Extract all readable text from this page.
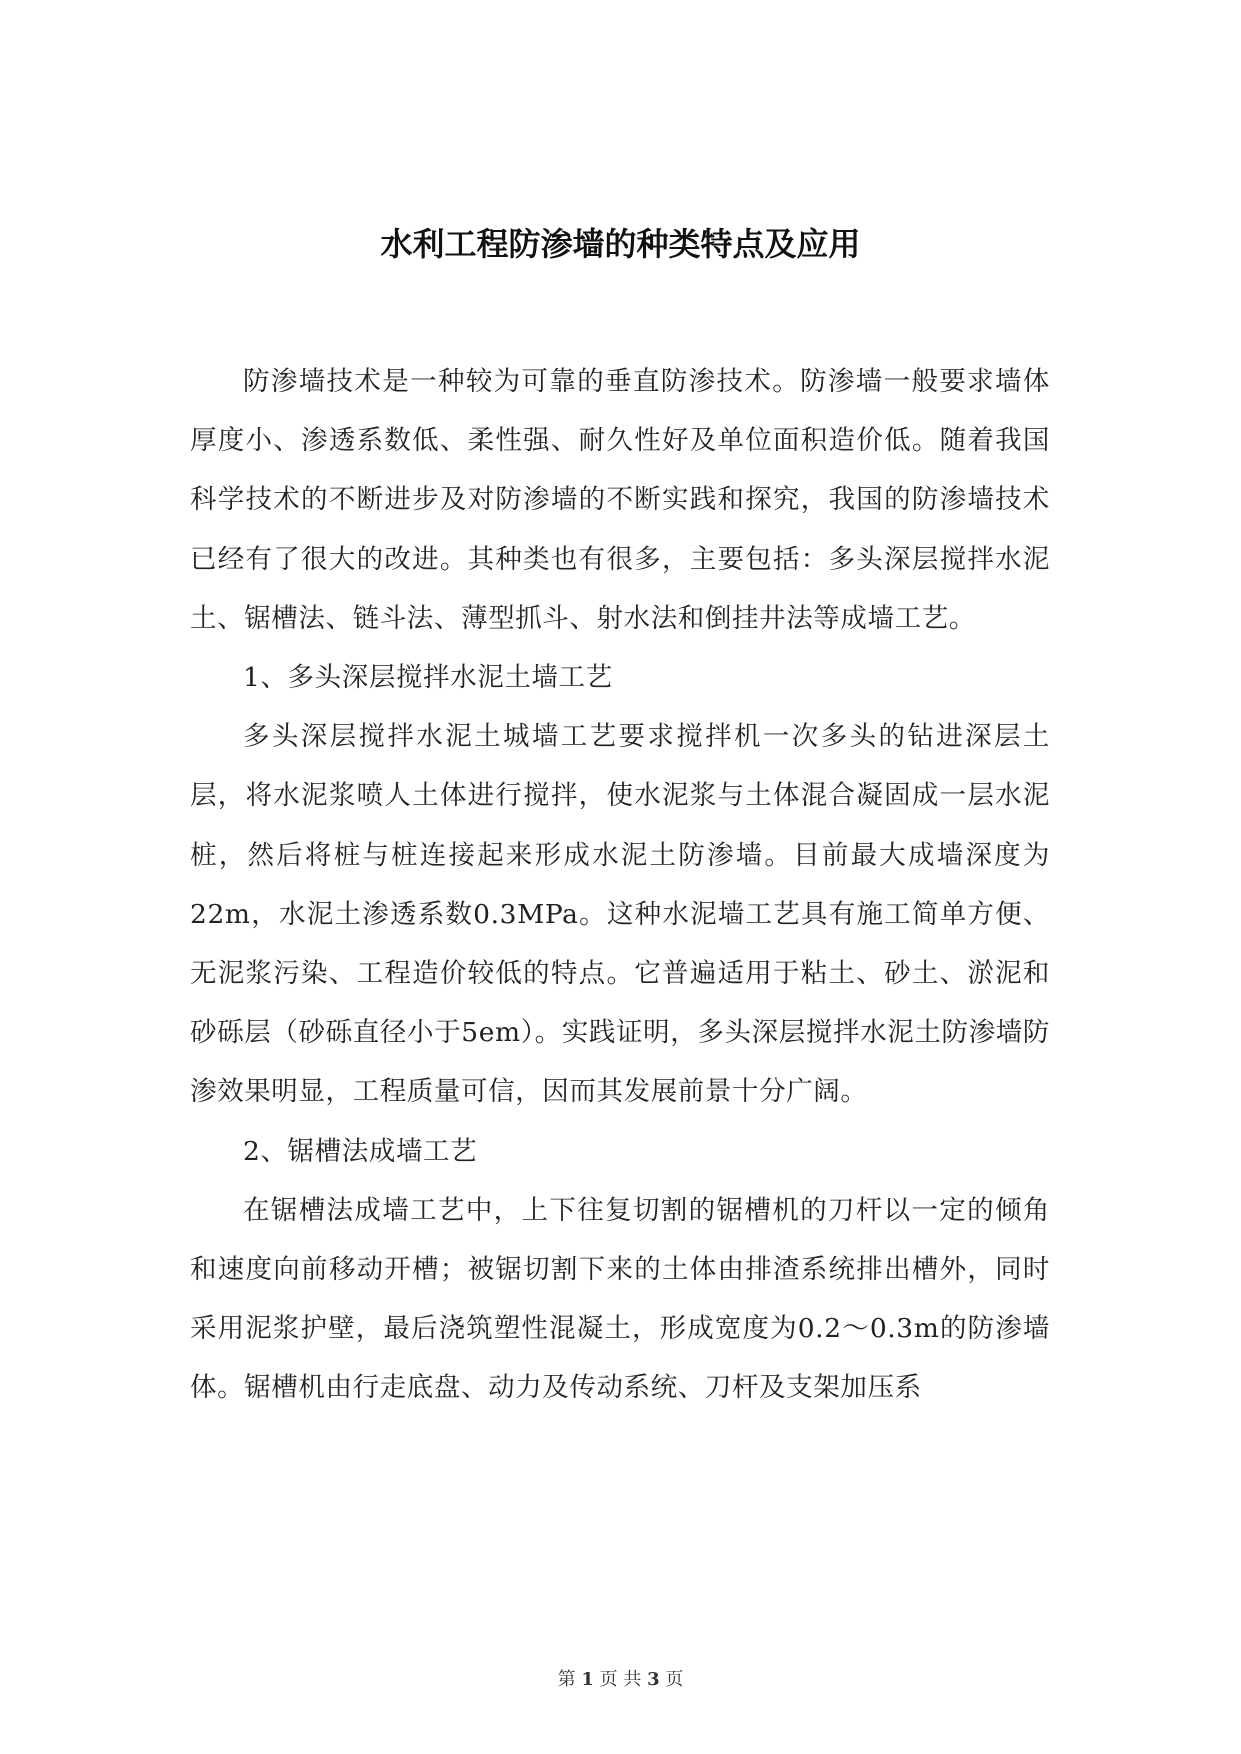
水利工程防渗墙的种类特点及应用

防渗墙技术是一种较为可靠的垂直防渗技术。防渗墙一般要求墙体厚度小、渗透系数低、柔性强、耐久性好及单位面积造价低。随着我国科学技术的不断进步及对防渗墙的不断实践和探究，我国的防渗墙技术已经有了很大的改进。其种类也有很多，主要包括：多头深层搅拌水泥土、锯槽法、链斗法、薄型抓斗、射水法和倒挂井法等成墙工艺。

1、多头深层搅拌水泥土墙工艺

多头深层搅拌水泥土城墙工艺要求搅拌机一次多头的钻进深层土层，将水泥浆喷人土体进行搅拌，使水泥浆与土体混合凝固成一层水泥桩，然后将桩与桩连接起来形成水泥土防渗墙。目前最大成墙深度为22m，水泥土渗透系数0.3MPa。这种水泥墙工艺具有施工简单方便、无泥浆污染、工程造价较低的特点。它普遍适用于粘土、砂土、淤泥和砂砾层（砂砾直径小于5em）。实践证明，多头深层搅拌水泥土防渗墙防渗效果明显，工程质量可信，因而其发展前景十分广阔。

2、锯槽法成墙工艺

在锯槽法成墙工艺中，上下往复切割的锯槽机的刀杆以一定的倾角和速度向前移动开槽；被锯切割下来的土体由排渣系统排出槽外，同时采用泥浆护壁，最后浇筑塑性混凝土，形成宽度为0.2～0.3m的防渗墙体。锯槽机由行走底盘、动力及传动系统、刀杆及支架加压系

第 1 页 共 3 页
